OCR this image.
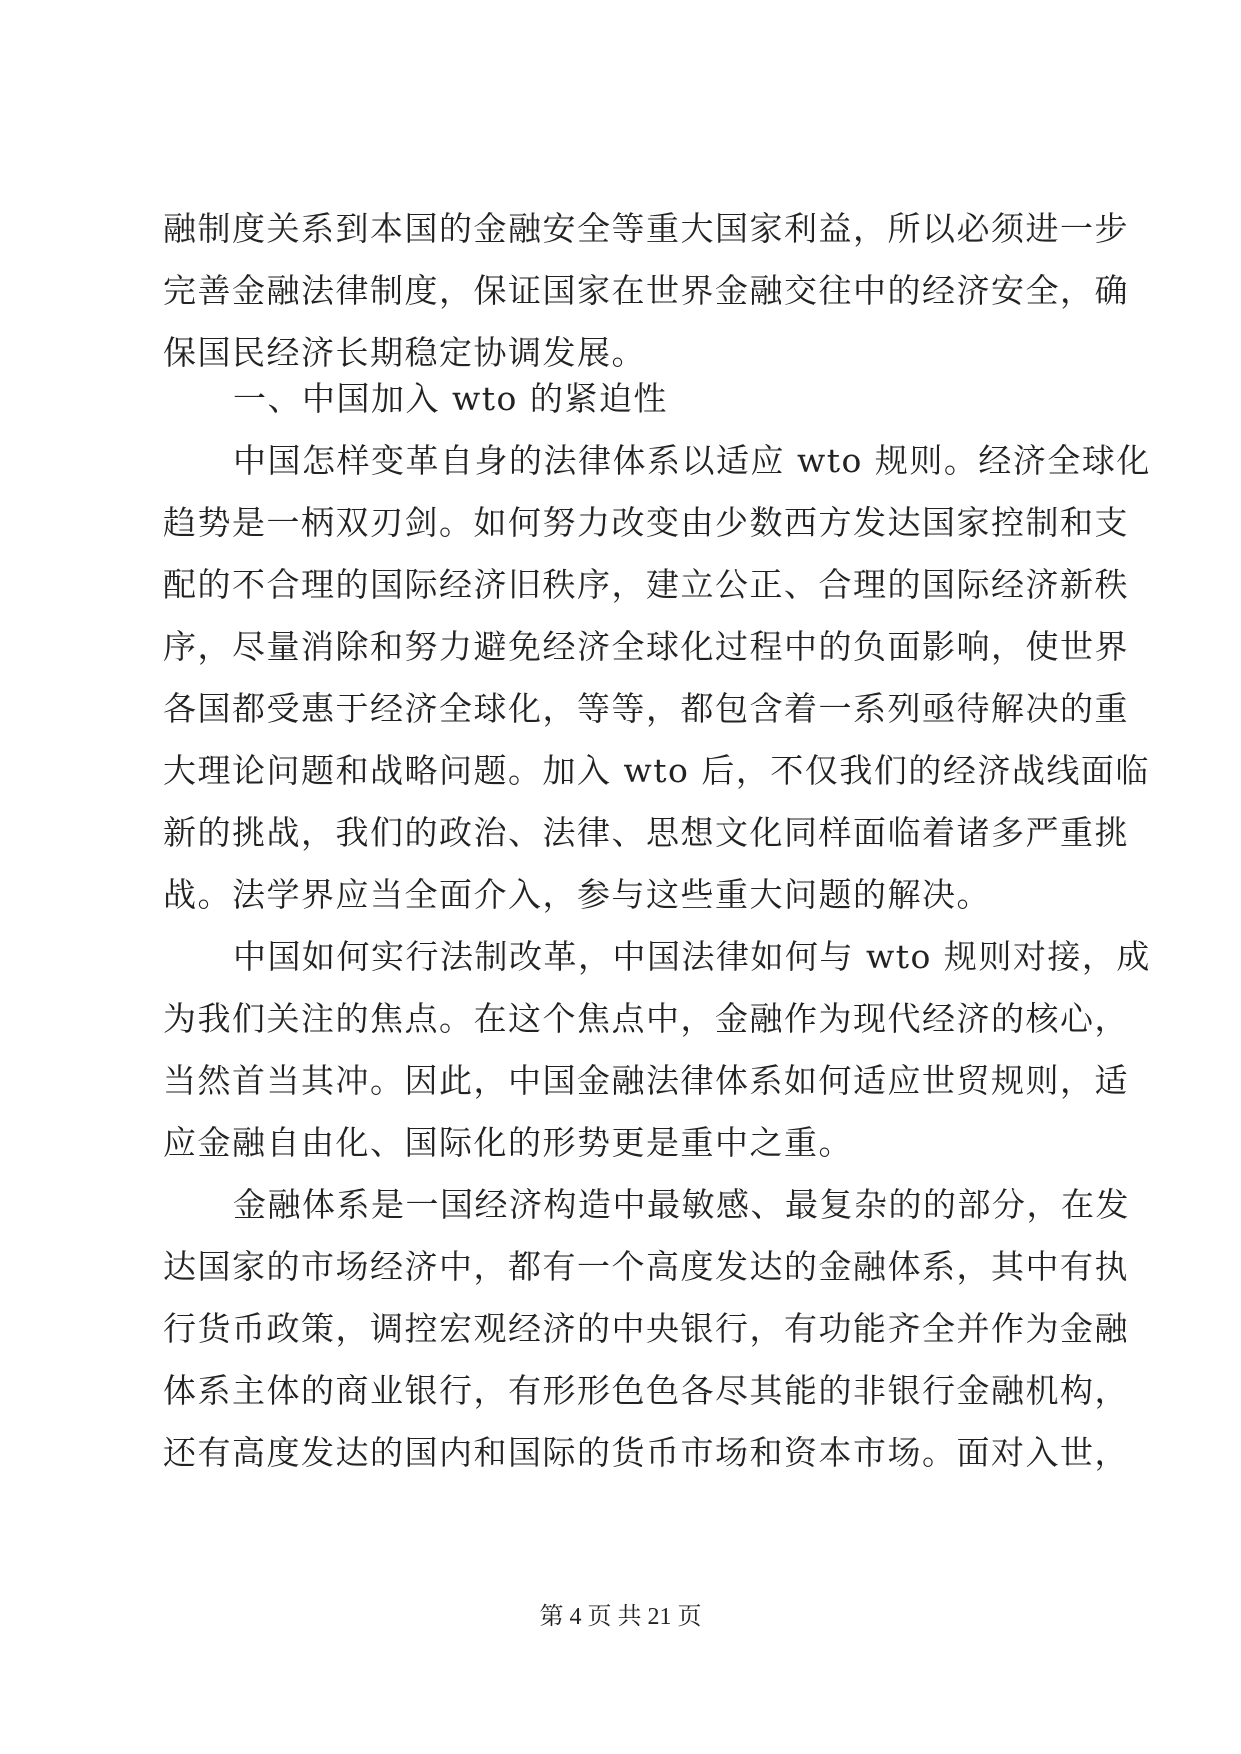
融制度关系到本国的金融安全等重大国家利益，所以必须进一步
完善金融法律制度，保证国家在世界金融交往中的经济安全，确
保国民经济长期稳定协调发展。
一、中国加入 wto 的紧迫性
中国怎样变革自身的法律体系以适应 wto 规则。经济全球化
趋势是一柄双刃剑。如何努力改变由少数西方发达国家控制和支
配的不合理的国际经济旧秩序，建立公正、合理的国际经济新秩
序，尽量消除和努力避免经济全球化过程中的负面影响，使世界
各国都受惠于经济全球化，等等，都包含着一系列亟待解决的重
大理论问题和战略问题。加入 wto 后，不仅我们的经济战线面临
新的挑战，我们的政治、法律、思想文化同样面临着诸多严重挑
战。法学界应当全面介入，参与这些重大问题的解决。
中国如何实行法制改革，中国法律如何与 wto 规则对接，成
为我们关注的焦点。在这个焦点中，金融作为现代经济的核心，
当然首当其冲。因此，中国金融法律体系如何适应世贸规则，适
应金融自由化、国际化的形势更是重中之重。
金融体系是一国经济构造中最敏感、最复杂的的部分，在发
达国家的市场经济中，都有一个高度发达的金融体系，其中有执
行货币政策，调控宏观经济的中央银行，有功能齐全并作为金融
体系主体的商业银行，有形形色色各尽其能的非银行金融机构，
还有高度发达的国内和国际的货币市场和资本市场。面对入世，
第 4 页 共 21 页
